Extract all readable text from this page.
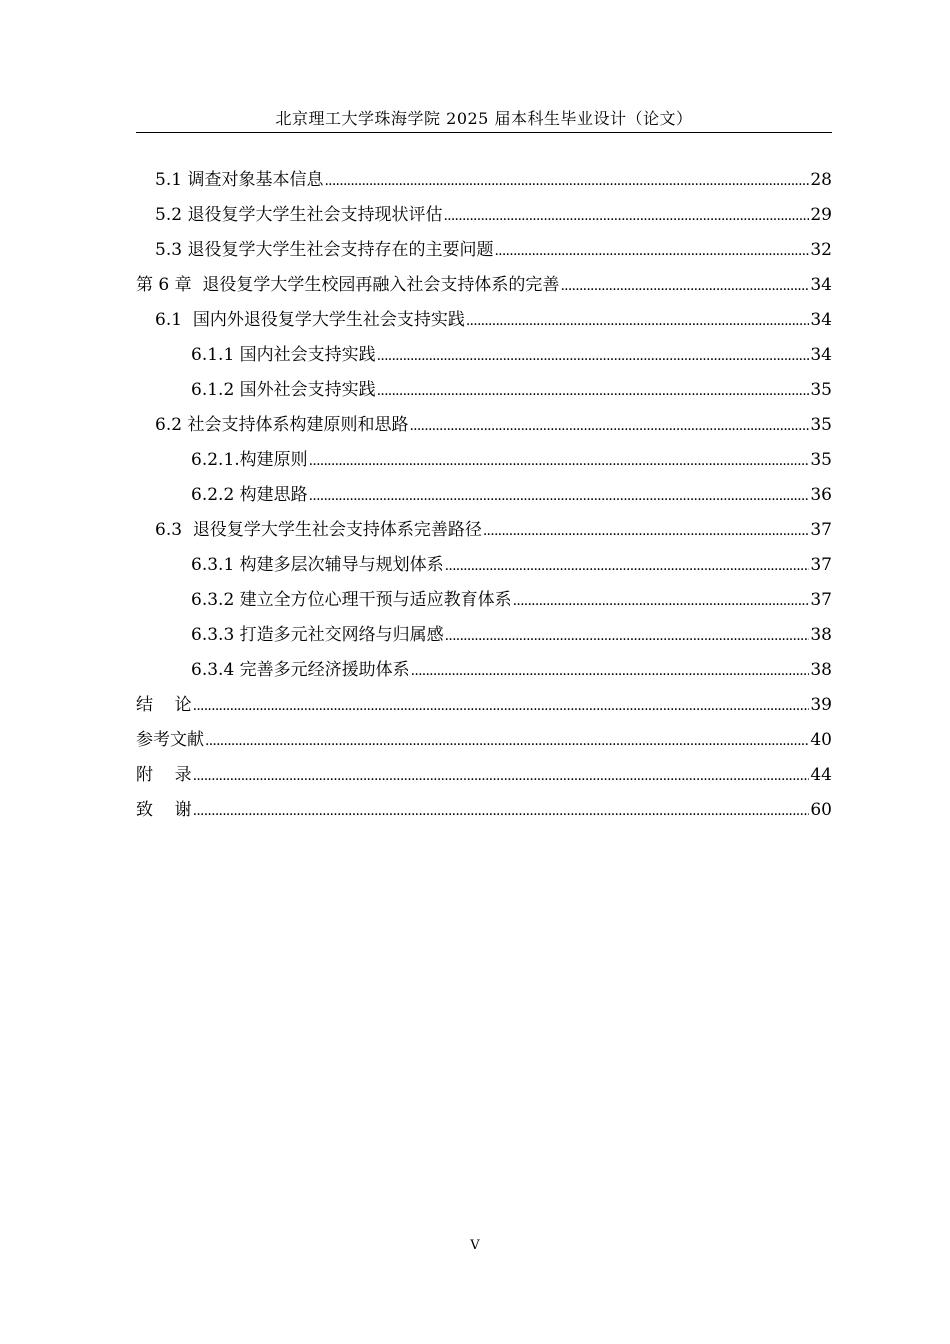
北京理工大学珠海学院 2025 届本科生毕业设计（论文）
5.1 调查对象基本信息 . . .	28
5.2 退役复学大学生社会支持现状评估 . . .	29
5.3 退役复学大学生社会支持存在的主要问题 . . .	32
第 6 章  退役复学大学生校园再融入社会支持体系的完善 . . .	34
6.1  国内外退役复学大学生社会支持实践 . . .	34
6.1.1 国内社会支持实践 . . .	34
6.1.2 国外社会支持实践 . . .	35
6.2 社会支持体系构建原则和思路 . . .	35
6.2.1.构建原则 . . .	35
6.2.2 构建思路 . . .	36
6.3  退役复学大学生社会支持体系完善路径 . . .	37
6.3.1 构建多层次辅导与规划体系 . . .	37
6.3.2 建立全方位心理干预与适应教育体系 . . .	37
6.3.3 打造多元社交网络与归属感 . . .	38
6.3.4 完善多元经济援助体系 . . .	38
结    论 . . .	39
参考文献 . . .	40
附    录 . . .	44
致    谢 . . .	60
V
